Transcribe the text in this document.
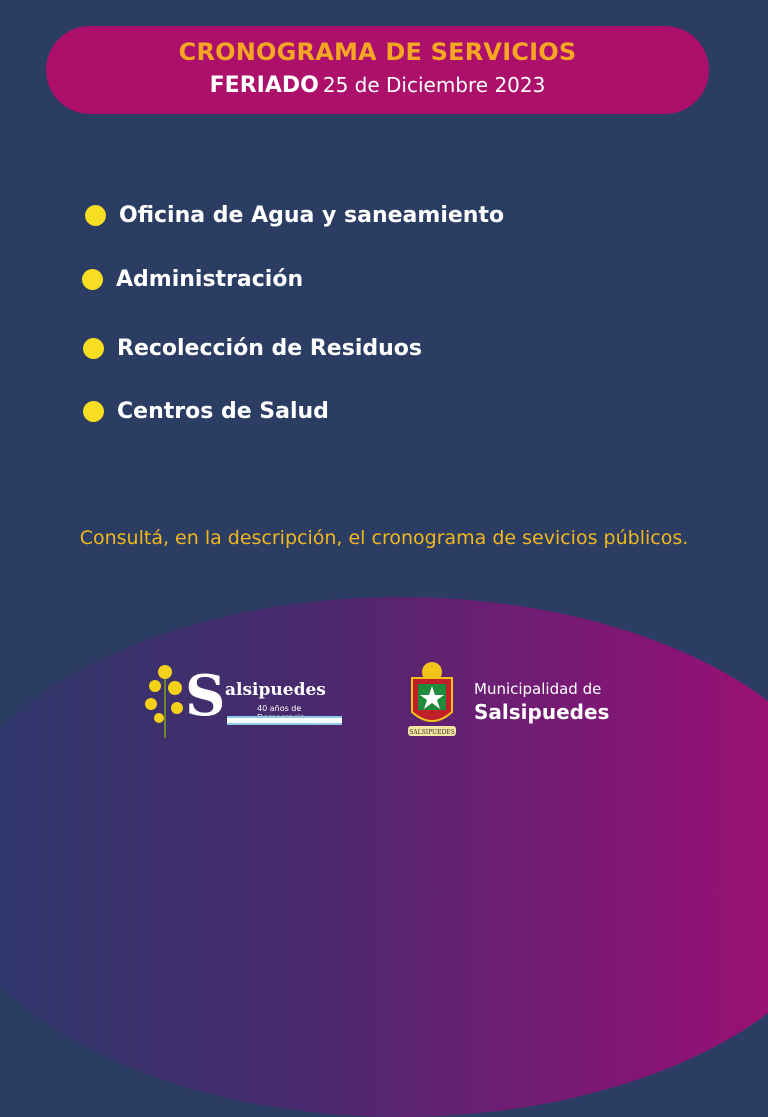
CRONOGRAMA DE SERVICIOS
FERIADO 25 de Diciembre 2023
Oficina de Agua y saneamiento
Administración
Recolección de Residuos
Centros de Salud
Consultá, en la descripción, el cronograma de sevicios públicos.
S alsipuedes
40 años de
SALSIPUEDES
Municipalidad de
Salsipuedes
